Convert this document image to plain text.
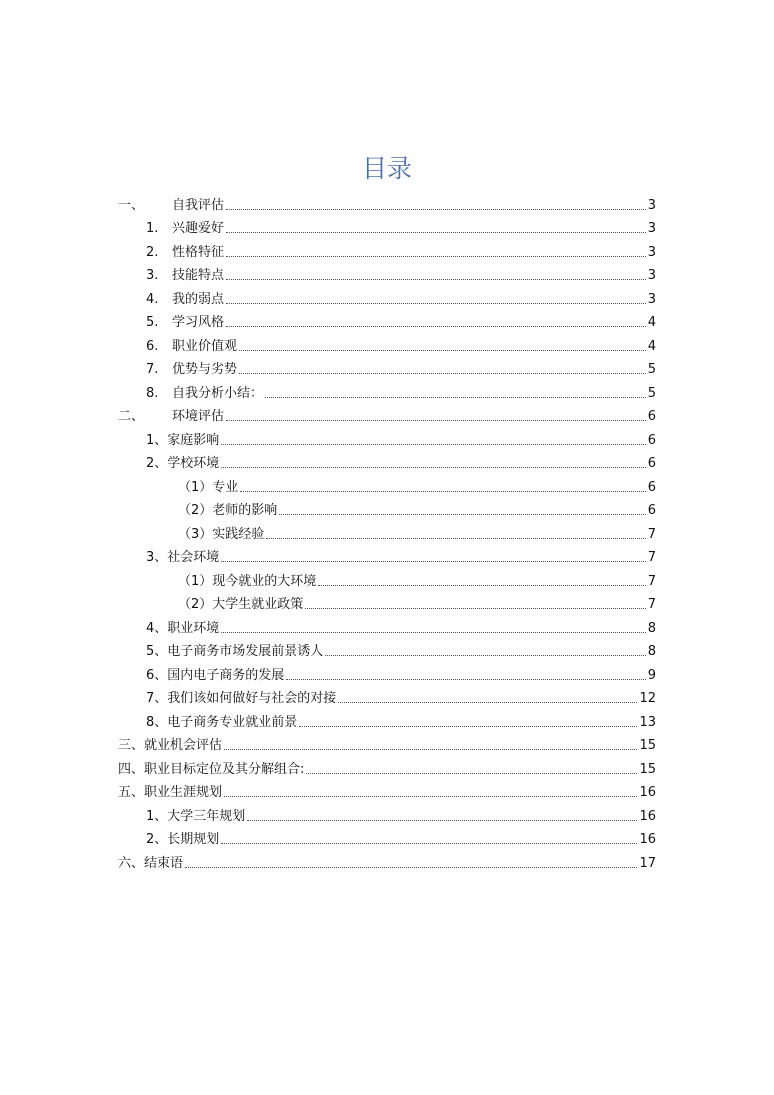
目录
一、	自我评估	3
1.	兴趣爱好	3
2.	性格特征	3
3.	技能特点	3
4.	我的弱点	3
5.	学习风格	4
6.	职业价值观	4
7.	优势与劣势	5
8.	自我分析小结：	5
二、	环境评估	6
1、家庭影响	6
2、学校环境	6
（1）专业	6
（2）老师的影响	6
（3）实践经验	7
3、社会环境	7
（1）现今就业的大环境	7
（2）大学生就业政策	7
4、职业环境	8
5、电子商务市场发展前景诱人	8
6、国内电子商务的发展	9
7、我们该如何做好与社会的对接	12
8、电子商务专业就业前景	13
三、就业机会评估	15
四、职业目标定位及其分解组合:	15
五、职业生涯规划	16
1、大学三年规划	16
2、长期规划	16
六、结束语	17
